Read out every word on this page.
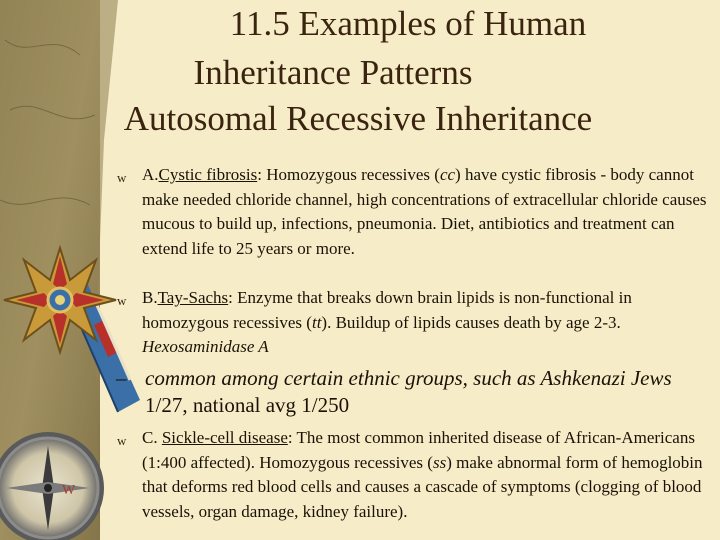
W
11.5 Examples of Human
Inheritance Patterns
Autosomal Recessive Inheritance
w A.Cystic fibrosis: Homozygous recessives (cc) have cystic fibrosis - body cannot make needed chloride channel, high concentrations of extracellular chloride causes mucous to build up, infections, pneumonia. Diet, antibiotics and treatment can extend life to 25 years or more.
w B.Tay-Sachs: Enzyme that breaks down brain lipids is non-functional in homozygous recessives (tt). Buildup of lipids causes death by age 2-3. Hexosaminidase A
– common among certain ethnic groups, such as Ashkenazi Jews 1/27, national avg 1/250
w C. Sickle-cell disease: The most common inherited disease of African-Americans (1:400 affected). Homozygous recessives (ss) make abnormal form of hemoglobin that deforms red blood cells and causes a cascade of symptoms (clogging of blood vessels, organ damage, kidney failure).
